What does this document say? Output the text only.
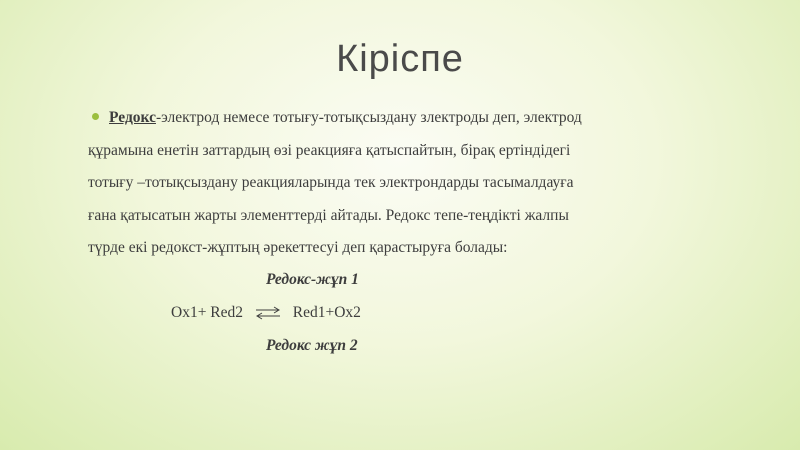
Кіріспе
Редокс-электрод немесе тотығу-тотықсыздану злектроды деп, электрод
құрамына енетін заттардың өзі реакцияға қатыспайтын, бірақ ертіндідегі
тотығу –тотықсыздану реакцияларында тек электрондарды тасымалдауға
ғана қатысатын жарты элементтерді айтады. Редокс тепе-теңдікті жалпы
түрде екі редокст-жұптың әрекеттесуі деп қарастыруға болады:
Редокс-жұп 1
Ox1+ Red2 ⇌ Red1+Ox2
Редокс жұп 2
